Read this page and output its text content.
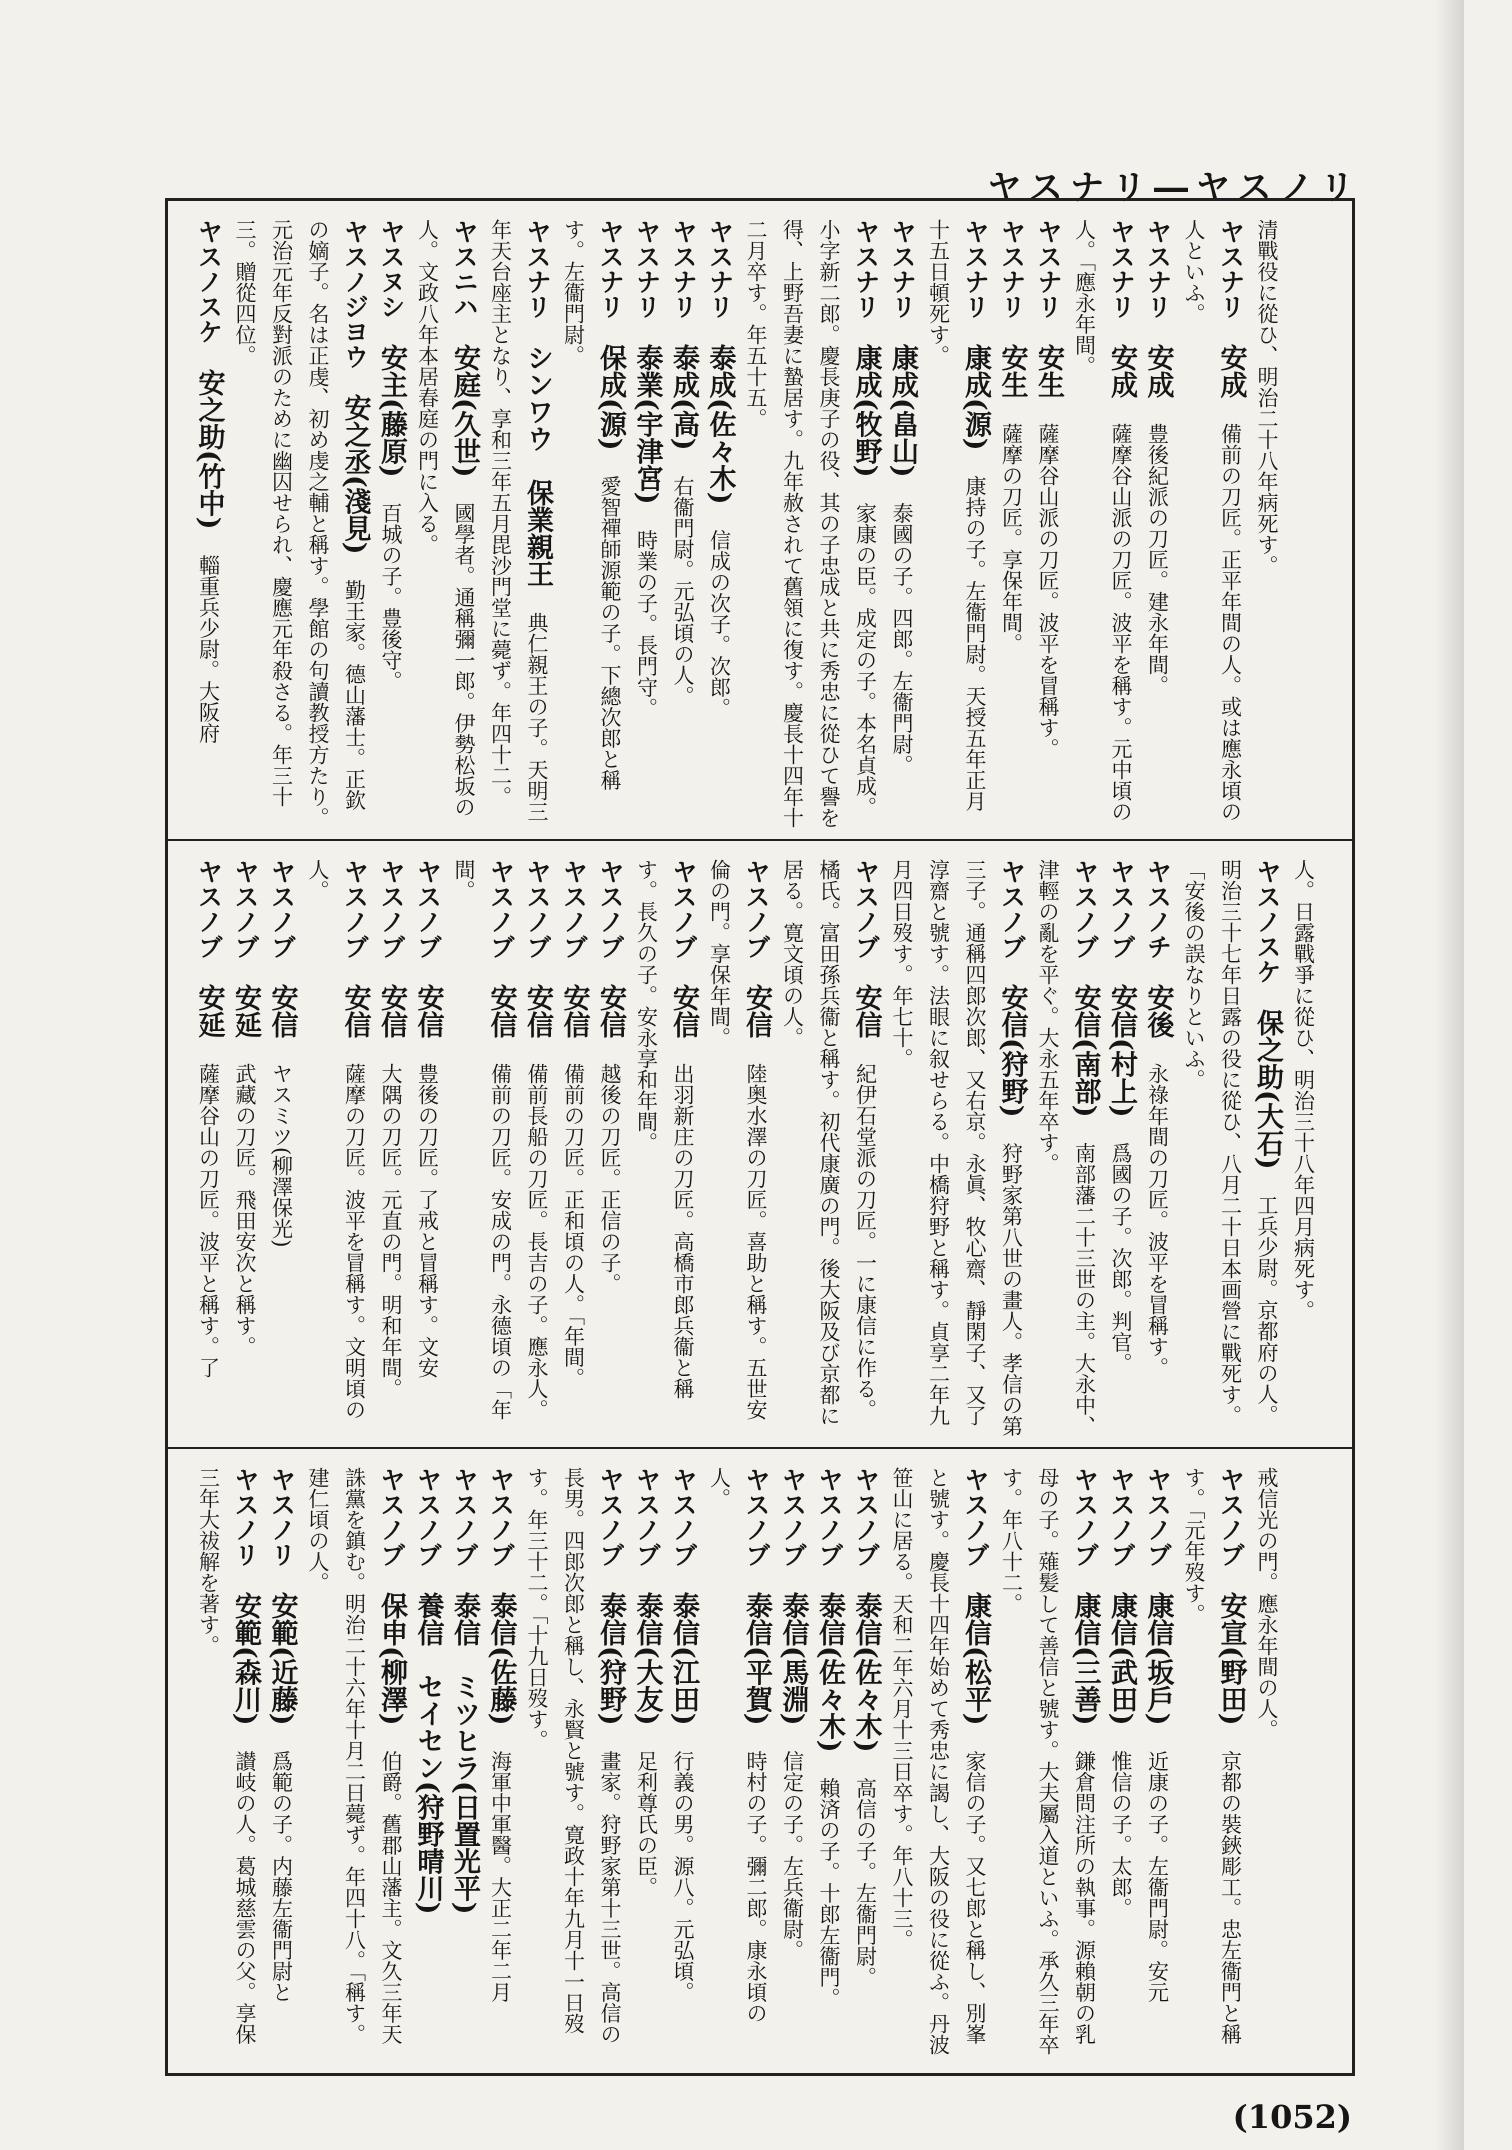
ヤスナリ―ヤスノリ
清戰役に從ひ、明治二十八年病死す。
ヤスナリ　安成　備前の刀匠。正平年間の人。或は應永頃の人といふ。
ヤスナリ　安成　豊後紀派の刀匠。建永年間。
ヤスナリ　安成　薩摩谷山派の刀匠。波平を稱す。元中頃の人。「應永年間。
ヤスナリ　安生　薩摩谷山派の刀匠。波平を冒稱す。
ヤスナリ　安生　薩摩の刀匠。享保年間。
ヤスナリ　康成(源)　康持の子。左衞門尉。天授五年正月十五日頓死す。
ヤスナリ　康成(畠山)　泰國の子。四郎。左衞門尉。
ヤスナリ　康成(牧野)　家康の臣。成定の子。本名貞成。小字新二郎。慶長庚子の役、其の子忠成と共に秀忠に從ひて譽を得、上野吾妻に蟄居す。九年赦されて舊領に復す。慶長十四年十二月卒す。年五十五。
ヤスナリ　泰成(佐々木)　信成の次子。次郎。
ヤスナリ　泰成(高)　右衞門尉。元弘頃の人。
ヤスナリ　泰業(宇津宮)　時業の子。長門守。
ヤスナリ　保成(源)　愛智禪師源範の子。下總次郎と稱す。左衞門尉。
ヤスナリ　シンワウ　保業親王　典仁親王の子。天明三年天台座主となり、享和三年五月毘沙門堂に薨ず。年四十二。
ヤスニハ　安庭(久世)　國學者。通稱彌一郎。伊勢松坂の人。文政八年本居春庭の門に入る。
ヤスヌシ　安主(藤原)　百城の子。豊後守。
ヤスノジヨウ　安之丞(淺見)　勤王家。德山藩士。正欽の嫡子。名は正虔、初め虔之輔と稱す。學館の句讀教授方たり。元治元年反對派のために幽囚せられ、慶應元年殺さる。年三十三。贈從四位。
ヤスノスケ　安之助(竹中)　輜重兵少尉。大阪府
人。日露戰爭に從ひ、明治三十八年四月病死す。
ヤスノスケ　保之助(大石)　工兵少尉。京都府の人。明治三十七年日露の役に從ひ、八月二十日本画營に戰死す。「安後の誤なりといふ。
ヤスノチ　安後　永祿年間の刀匠。波平を冒稱す。
ヤスノブ　安信(村上)　爲國の子。次郎。判官。
ヤスノブ　安信(南部)　南部藩二十三世の主。大永中、津輕の亂を平ぐ。大永五年卒す。
ヤスノブ　安信(狩野)　狩野家第八世の畫人。孝信の第三子。通稱四郎次郎、又右京。永眞、牧心齋、靜閑子、又了淳齋と號す。法眼に叙せらる。中橋狩野と稱す。貞享二年九月四日歿す。年七十。
ヤスノブ　安信　紀伊石堂派の刀匠。一に康信に作る。橘氏。富田孫兵衞と稱す。初代康廣の門。後大阪及び京都に居る。寛文頃の人。
ヤスノブ　安信　陸奥水澤の刀匠。喜助と稱す。五世安倫の門。享保年間。
ヤスノブ　安信　出羽新庄の刀匠。高橋市郎兵衞と稱す。長久の子。安永享和年間。
ヤスノブ　安信　越後の刀匠。正信の子。
ヤスノブ　安信　備前の刀匠。正和頃の人。「年間。
ヤスノブ　安信　備前長船の刀匠。長吉の子。應永人。
ヤスノブ　安信　備前の刀匠。安成の門。永德頃の「年間。
ヤスノブ　安信　豊後の刀匠。了戒と冒稱す。文安
ヤスノブ　安信　大隅の刀匠。元直の門。明和年間。
ヤスノブ　安信　薩摩の刀匠。波平を冒稱す。文明頃の人。
ヤスノブ　安信　ヤスミツ(柳澤保光)
ヤスノブ　安延　武藏の刀匠。飛田安次と稱す。
ヤスノブ　安延　薩摩谷山の刀匠。波平と稱す。了
戒信光の門。應永年間の人。
ヤスノブ　安宣(野田)　京都の裝鋏彫工。忠左衞門と稱す。「元年歿す。
ヤスノブ　康信(坂戶)　近康の子。左衞門尉。安元
ヤスノブ　康信(武田)　惟信の子。太郎。
ヤスノブ　康信(三善)　鎌倉問注所の執事。源賴朝の乳母の子。薙髪して善信と號す。大夫屬入道といふ。承久三年卒す。年八十二。
ヤスノブ　康信(松平)　家信の子。又七郎と稱し、別峯と號す。慶長十四年始めて秀忠に謁し、大阪の役に從ふ。丹波笹山に居る。天和二年六月十三日卒す。年八十三。
ヤスノブ　泰信(佐々木)　高信の子。左衞門尉。
ヤスノブ　泰信(佐々木)　賴済の子。十郎左衞門。
ヤスノブ　泰信(馬淵)　信定の子。左兵衞尉。
ヤスノブ　泰信(平賀)　時村の子。彌二郎。康永頃の人。
ヤスノブ　泰信(江田)　行義の男。源八。元弘頃。
ヤスノブ　泰信(大友)　足利尊氏の臣。
ヤスノブ　泰信(狩野)　畫家。狩野家第十三世。高信の長男。四郎次郎と稱し、永賢と號す。寛政十年九月十一日歿す。年三十二。「十九日歿す。
ヤスノブ　泰信(佐藤)　海軍中軍醫。大正二年二月
ヤスノブ　泰信　ミツヒラ(日置光平)　
ヤスノブ　養信　セイセン(狩野晴川)　
ヤスノブ　保申(柳澤)　伯爵。舊郡山藩主。文久三年天誅黨を鎮む。明治二十六年十月二日薨ず。年四十八。「稱す。建仁頃の人。
ヤスノリ　安範(近藤)　爲範の子。内藤左衞門尉と
ヤスノリ　安範(森川)　讃岐の人。葛城慈雲の父。享保三年大祓解を著す。
(1052)
